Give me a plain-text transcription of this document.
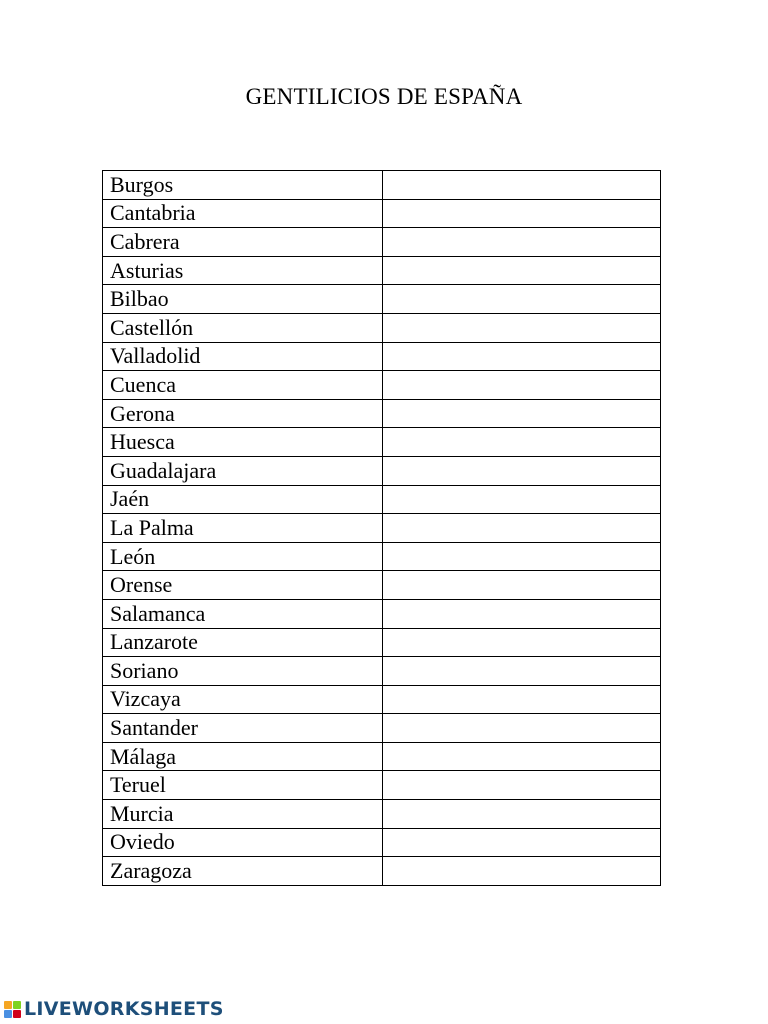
GENTILICIOS DE ESPAÑA
Burgos	
Cantabria	
Cabrera	
Asturias	
Bilbao	
Castellón	
Valladolid	
Cuenca	
Gerona	
Huesca	
Guadalajara	
Jaén	
La Palma	
León	
Orense	
Salamanca	
Lanzarote	
Soriano	
Vizcaya	
Santander	
Málaga	
Teruel	
Murcia	
Oviedo	
Zaragoza	
LIVEWORKSHEETS
